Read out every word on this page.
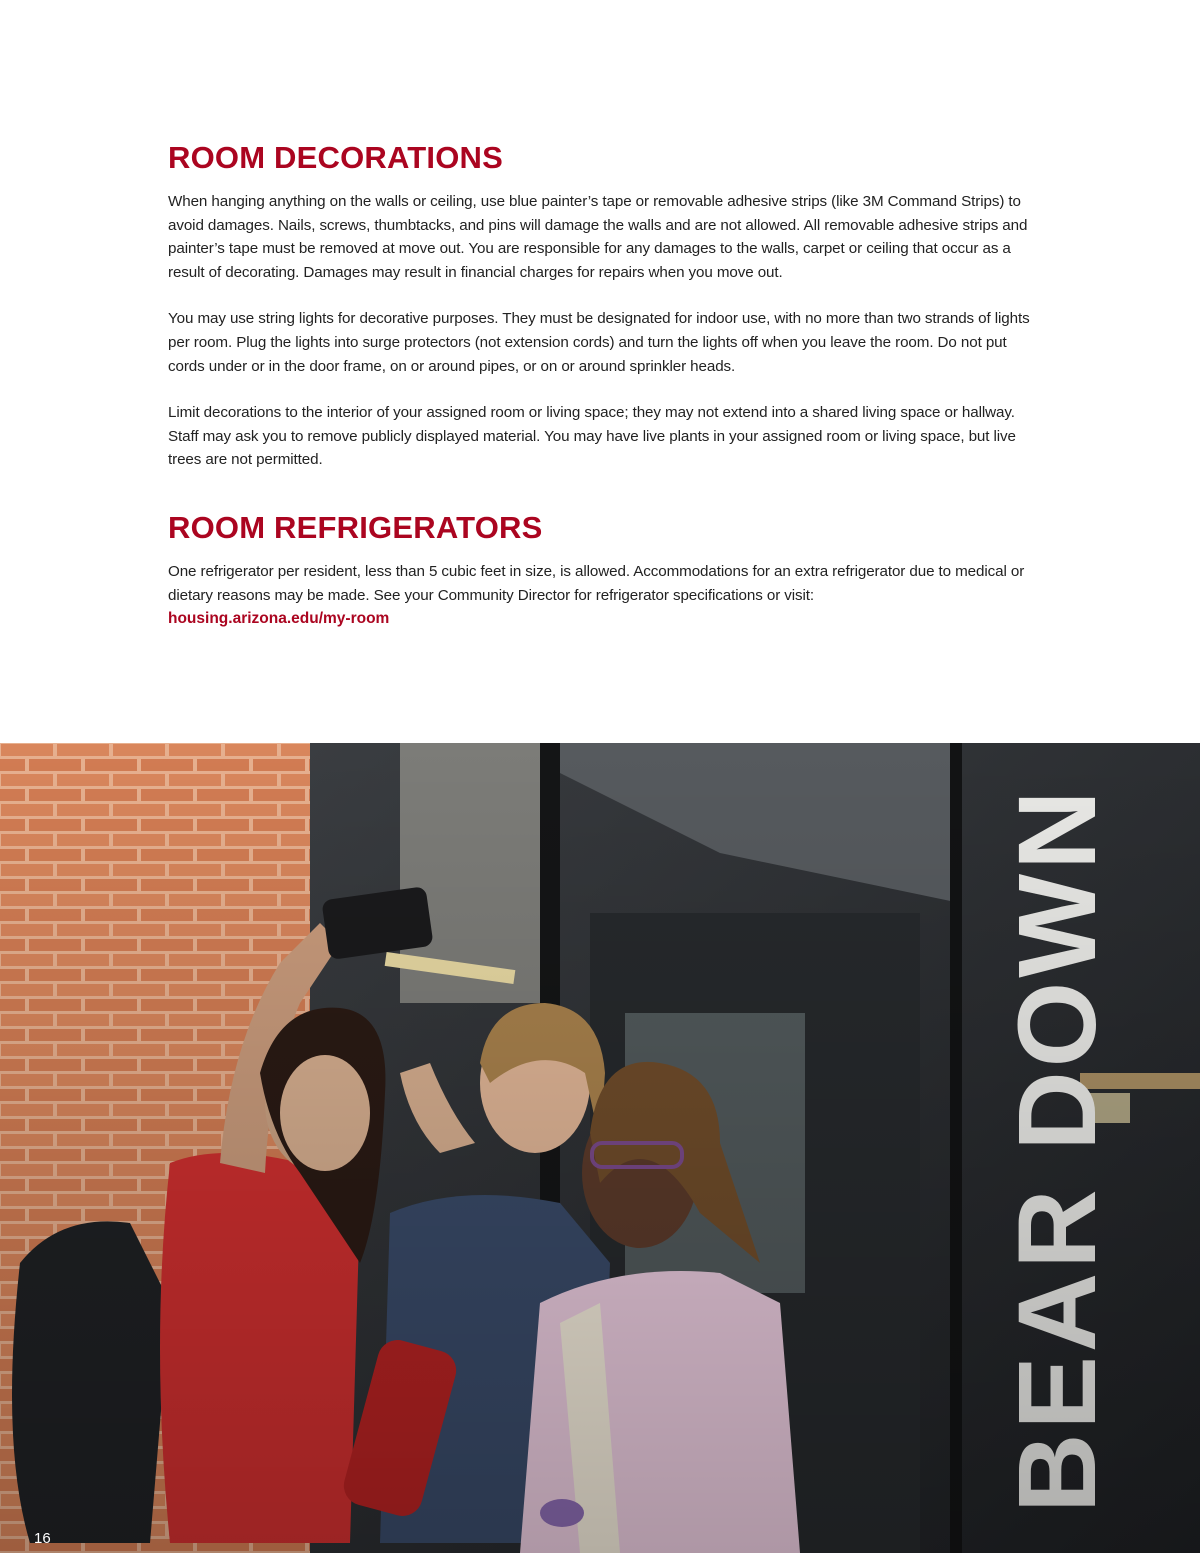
ROOM DECORATIONS

When hanging anything on the walls or ceiling, use blue painter’s tape or removable adhesive strips (like 3M Command Strips) to avoid damages. Nails, screws, thumbtacks, and pins will damage the walls and are not allowed. All removable adhesive strips and painter’s tape must be removed at move out. You are responsible for any damages to the walls, carpet or ceiling that occur as a result of decorating. Damages may result in financial charges for repairs when you move out.

You may use string lights for decorative purposes. They must be designated for indoor use, with no more than two strands of lights per room. Plug the lights into surge protectors (not extension cords) and turn the lights off when you leave the room. Do not put cords under or in the door frame, on or around pipes, or on or around sprinkler heads.

Limit decorations to the interior of your assigned room or living space; they may not extend into a shared living space or hallway. Staff may ask you to remove publicly displayed material. You may have live plants in your assigned room or living space, but live trees are not permitted.

ROOM REFRIGERATORS

One refrigerator per resident, less than 5 cubic feet in size, is allowed. Accommodations for an extra refrigerator due to medical or dietary reasons may be made. See your Community Director for refrigerator specifications or visit:

housing.arizona.edu/my-room
16
